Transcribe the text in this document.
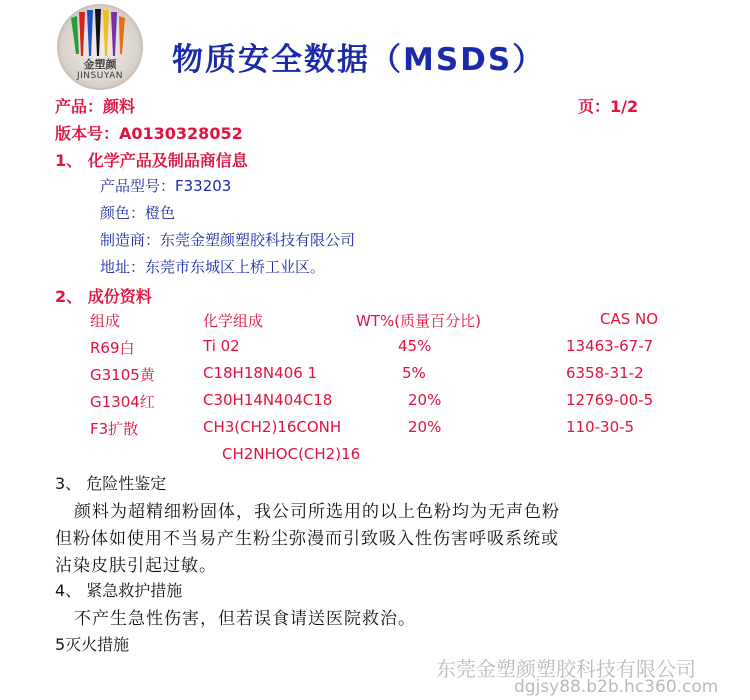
金塑颜
JINSUYAN	物质安全数据（MSDS）
产品：颜料	页：1/2
版本号：A0130328052
1、 化学产品及制品商信息
产品型号：F33203
颜色：橙色
制造商：东莞金塑颜塑胶科技有限公司
地址：东莞市东城区上桥工业区。
2、 成份资料
组成	化学组成	WT%(质量百分比)	CAS NO
R69白	Ti 02	45%	13463-67-7
G3105黄	C18H18N406 1	5%	6358-31-2
G1304红	C30H14N404C18	20%	12769-00-5
F3扩散	CH3(CH2)16CONH	20%	110-30-5
CH2NHOC(CH2)16
3、 危险性鉴定
颜料为超精细粉固体，我公司所选用的以上色粉均为无声色粉
但粉体如使用不当易产生粉尘弥漫而引致吸入性伤害呼吸系统或
沾染皮肤引起过敏。
4、 紧急救护措施
不产生急性伤害，但若误食请送医院救治。
5灭火措施
东莞金塑颜塑胶科技有限公司
dgjsy88.b2b.hc360.com
